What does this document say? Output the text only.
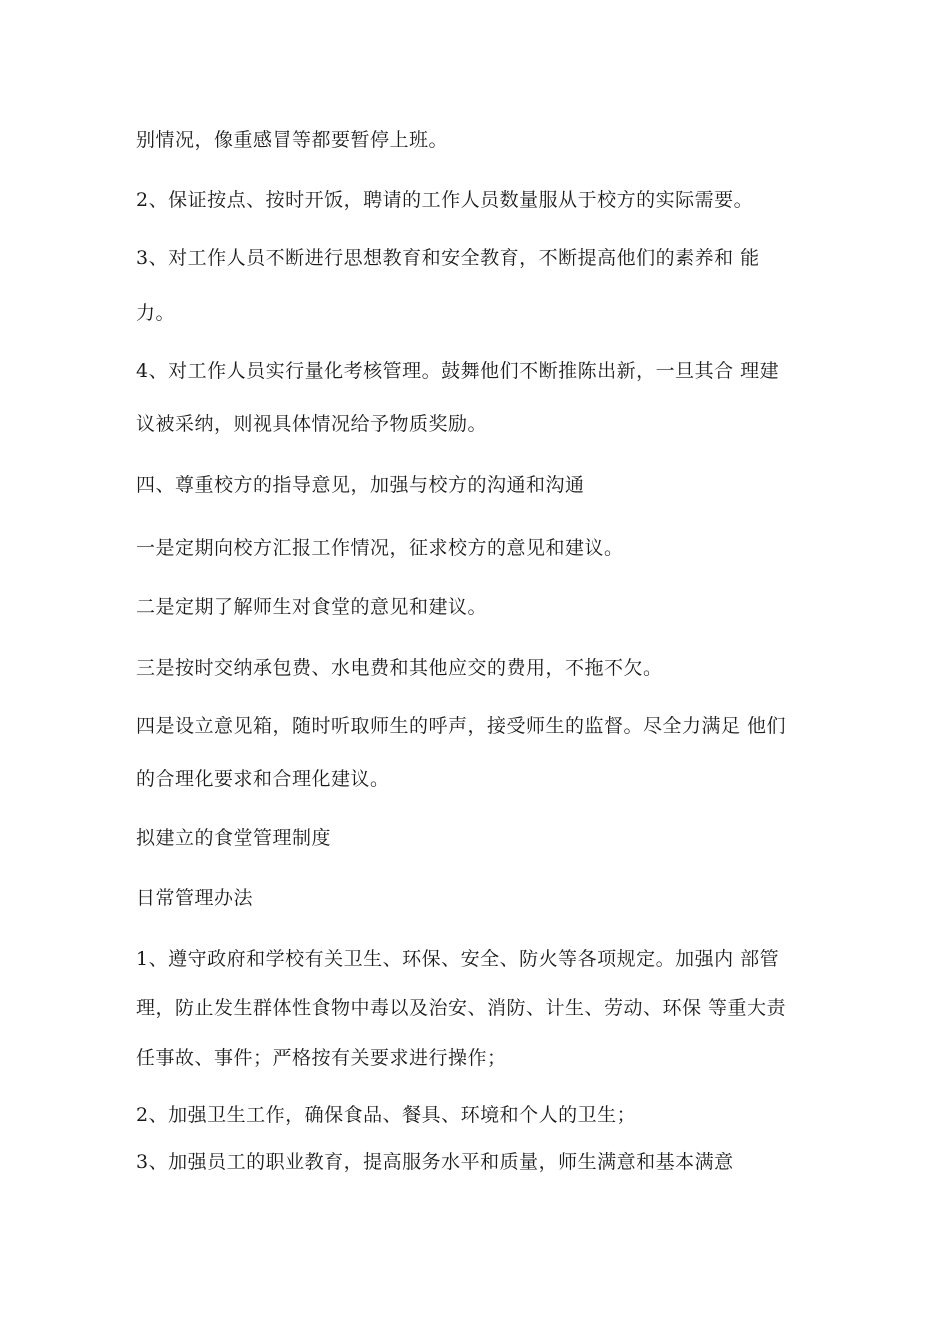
别情况，像重感冒等都要暂停上班。

2、保证按点、按时开饭，聘请的工作人员数量服从于校方的实际需要。

3、对工作人员不断进行思想教育和安全教育，不断提高他们的素养和 能

力。

4、对工作人员实行量化考核管理。鼓舞他们不断推陈出新，一旦其合 理建

议被采纳，则视具体情况给予物质奖励。

四、尊重校方的指导意见，加强与校方的沟通和沟通

一是定期向校方汇报工作情况，征求校方的意见和建议。

二是定期了解师生对食堂的意见和建议。

三是按时交纳承包费、水电费和其他应交的费用，不拖不欠。

四是设立意见箱，随时听取师生的呼声，接受师生的监督。尽全力满足 他们

的合理化要求和合理化建议。

拟建立的食堂管理制度

日常管理办法

1、遵守政府和学校有关卫生、环保、安全、防火等各项规定。加强内 部管

理，防止发生群体性食物中毒以及治安、消防、计生、劳动、环保 等重大责

任事故、事件；严格按有关要求进行操作；

2、加强卫生工作，确保食品、餐具、环境和个人的卫生；

3、加强员工的职业教育，提高服务水平和质量，师生满意和基本满意
